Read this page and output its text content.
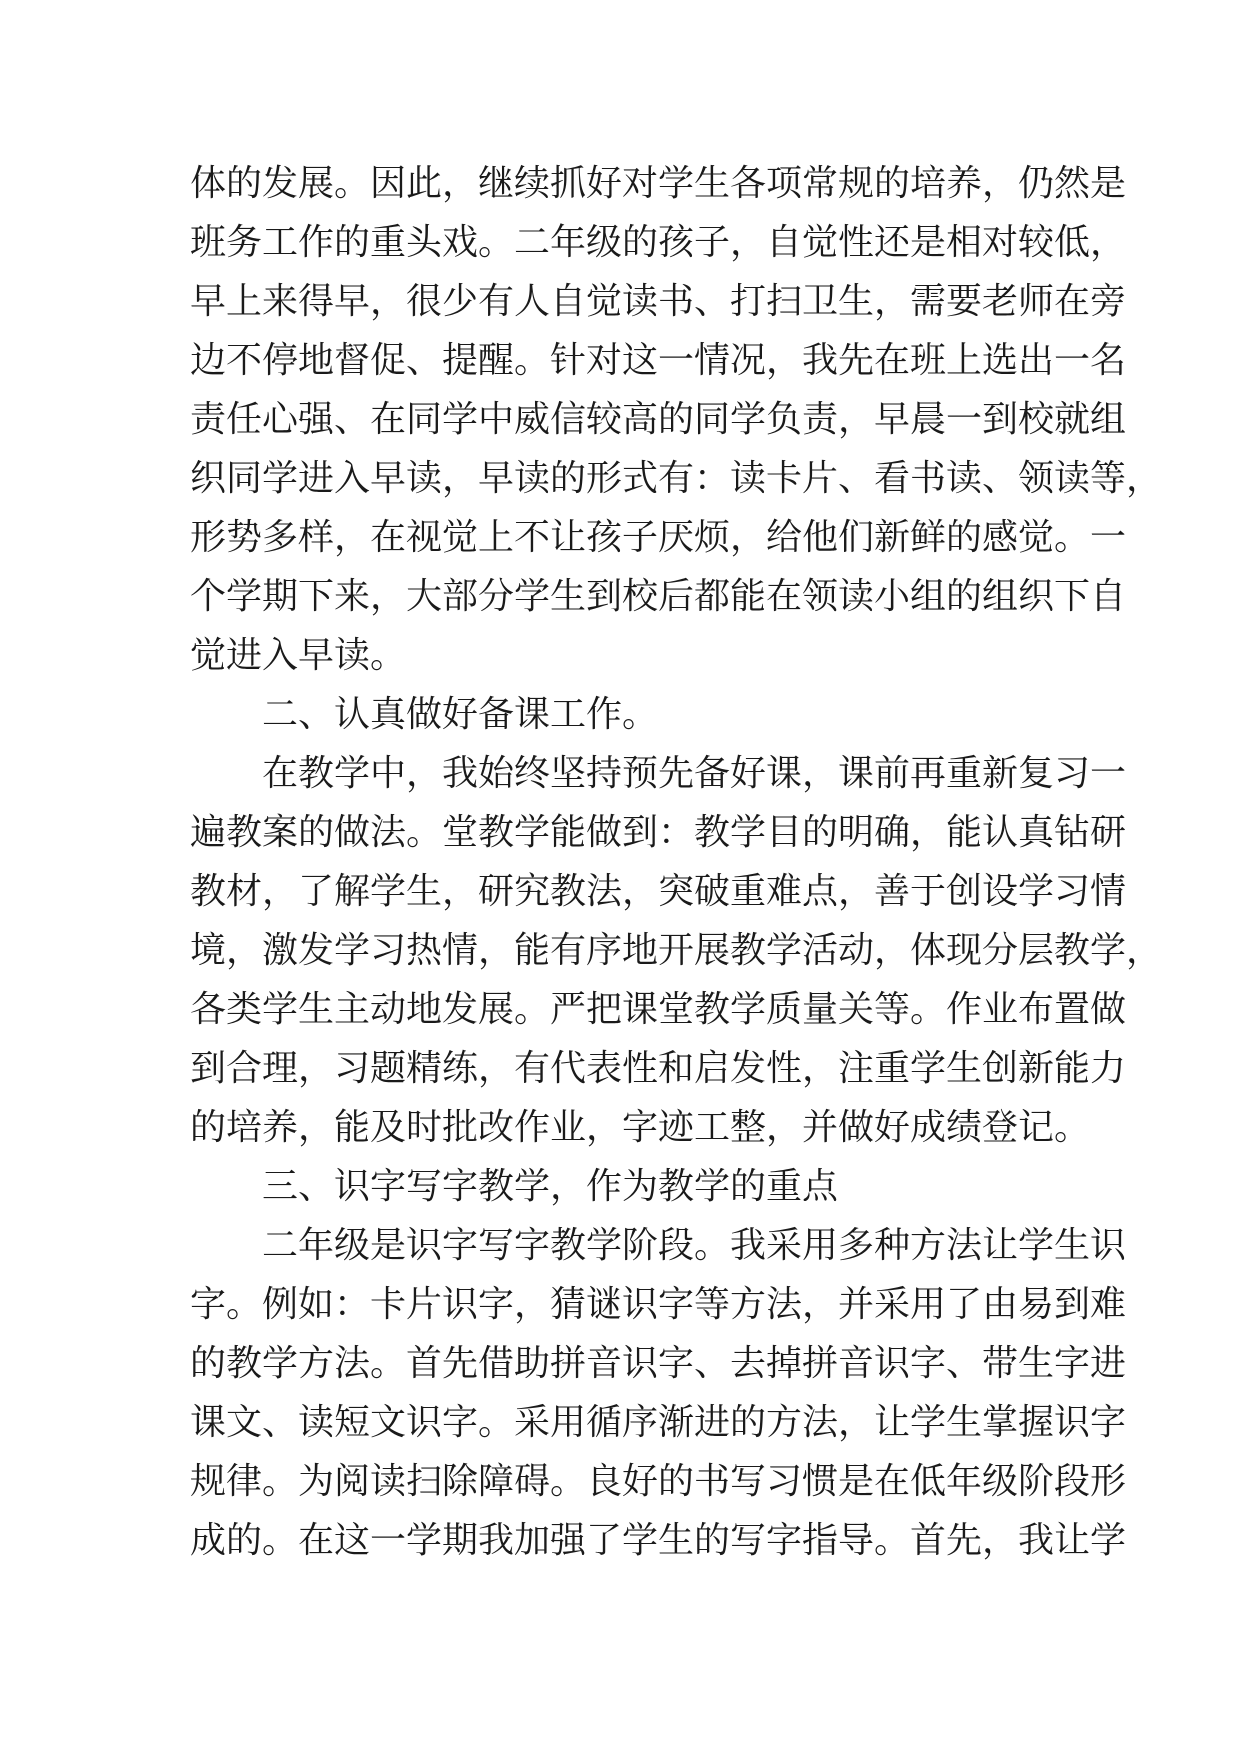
体的发展。因此，继续抓好对学生各项常规的培养，仍然是
班务工作的重头戏。二年级的孩子，自觉性还是相对较低，
早上来得早，很少有人自觉读书、打扫卫生，需要老师在旁
边不停地督促、提醒。针对这一情况，我先在班上选出一名
责任心强、在同学中威信较高的同学负责，早晨一到校就组
织同学进入早读，早读的形式有：读卡片、看书读、领读等，
形势多样，在视觉上不让孩子厌烦，给他们新鲜的感觉。一
个学期下来，大部分学生到校后都能在领读小组的组织下自
觉进入早读。
二、认真做好备课工作。
在教学中，我始终坚持预先备好课，课前再重新复习一
遍教案的做法。堂教学能做到：教学目的明确，能认真钻研
教材，了解学生，研究教法，突破重难点，善于创设学习情
境，激发学习热情，能有序地开展教学活动，体现分层教学，
各类学生主动地发展。严把课堂教学质量关等。作业布置做
到合理，习题精练，有代表性和启发性，注重学生创新能力
的培养，能及时批改作业，字迹工整，并做好成绩登记。
三、识字写字教学，作为教学的重点
二年级是识字写字教学阶段。我采用多种方法让学生识
字。例如：卡片识字，猜谜识字等方法，并采用了由易到难
的教学方法。首先借助拼音识字、去掉拼音识字、带生字进
课文、读短文识字。采用循序渐进的方法，让学生掌握识字
规律。为阅读扫除障碍。良好的书写习惯是在低年级阶段形
成的。在这一学期我加强了学生的写字指导。首先，我让学
